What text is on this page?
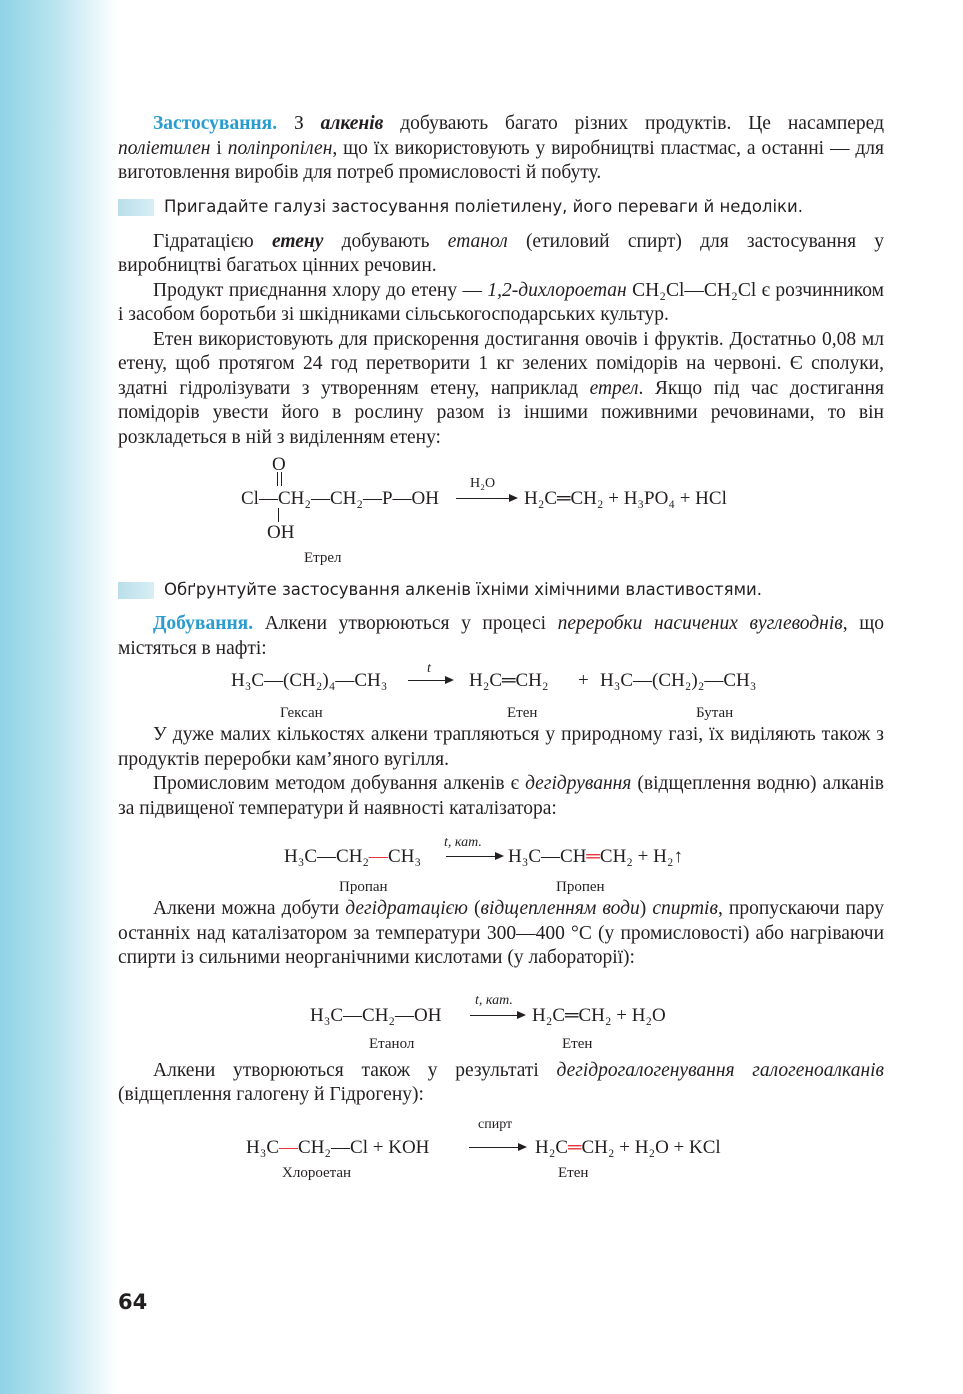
Застосування. З алкенів добувають багато різних продуктів. Це насамперед поліетилен і поліпропілен, що їх використовують у виробництві пластмас, а останні — для виготовлення виробів для потреб промисловості й побуту.

Пригадайте галузі застосування поліетилену, його переваги й недоліки.

Гідратацією етену добувають етанол (етиловий спирт) для застосування у виробництві багатьох цінних речовин.

Продукт приєднання хлору до етену — 1,2-дихлороетан CH₂Cl—CH₂Cl є розчинником і засобом боротьби зі шкідниками сільськогосподарських культур.

Етен використовують для прискорення достигання овочів і фруктів. Достатньо 0,08 мл етену, щоб протягом 24 год перетворити 1 кг зелених помідорів на червоні. Є сполуки, здатні гідролізувати з утворенням етену, наприклад етрел. Якщо під час достигання помідорів увести його в рослину разом із іншими поживними речовинами, то він розкладеться в ній з виділенням етену:

O
Cl—CH₂—CH₂—P—OH
OH
H₂O
H₂C═CH₂ + H₃PO₄ + HCl
Етрел
Обґрунтуйте застосування алкенів їхніми хімічними властивостями.

Добування. Алкени утворюються у процесі переробки насичених вуглеводнів, що містяться в нафті:

H₃C—(CH₂)₄—CH₃
t
H₂C═CH₂ + H₃C—(CH₂)₂—CH₃
Гексан	Етен	Бутан

У дуже малих кількостях алкени трапляються у природному газі, їх виділяють також з продуктів переробки кам’яного вугілля.

Промисловим методом добування алкенів є дегідрування (відщеплення водню) алканів за підвищеної температури й наявності каталізатора:

H₃C—CH₂—CH₃
t, кат.
H₃C—CH═CH₂ + H₂↑
Пропан	Пропен

Алкени можна добути дегідратацією (відщепленням води) спиртів, пропускаючи пару останніх над каталізатором за температури 300—400 °С (у промисловості) або нагріваючи спирти із сильними неорганічними кислотами (у лабораторії):

H₃C—CH₂—OH
t, кат.
H₂C═CH₂ + H₂O
Етанол	Етен

Алкени утворюються також у результаті дегідрогалогенування галогеноалканів (відщеплення галогену й Гідрогену):

H₃C—CH₂—Cl + KOH
спирт
H₂C═CH₂ + H₂O + KCl
Хлороетан	Етен
64
